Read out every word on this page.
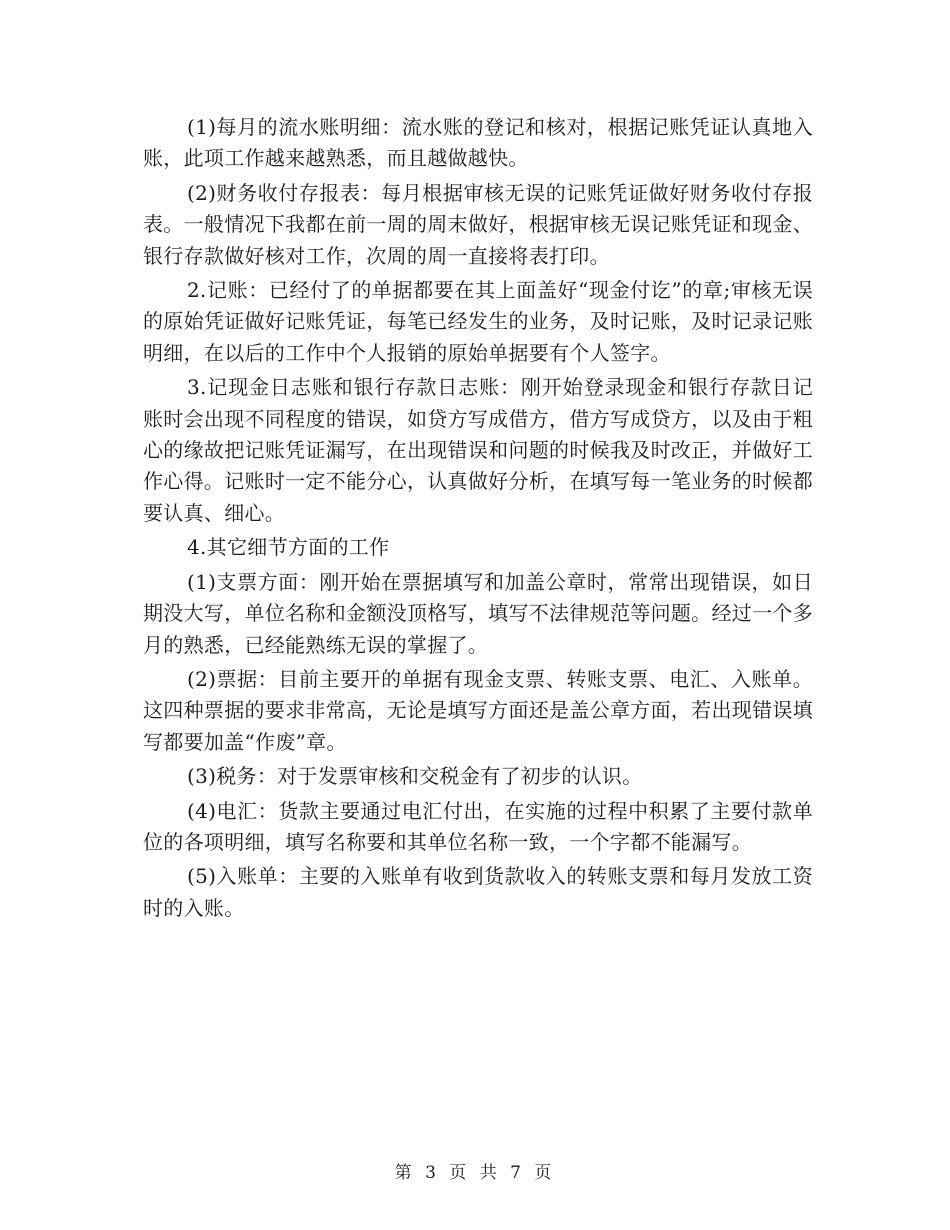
(1)每月的流水账明细：流水账的登记和核对，根据记账凭证认真地入账，此项工作越来越熟悉，而且越做越快。

(2)财务收付存报表：每月根据审核无误的记账凭证做好财务收付存报表。一般情况下我都在前一周的周末做好，根据审核无误记账凭证和现金、银行存款做好核对工作，次周的周一直接将表打印。

2.记账：已经付了的单据都要在其上面盖好“现金付讫”的章;审核无误的原始凭证做好记账凭证，每笔已经发生的业务，及时记账，及时记录记账明细，在以后的工作中个人报销的原始单据要有个人签字。

3.记现金日志账和银行存款日志账：刚开始登录现金和银行存款日记账时会出现不同程度的错误，如贷方写成借方，借方写成贷方，以及由于粗心的缘故把记账凭证漏写，在出现错误和问题的时候我及时改正，并做好工作心得。记账时一定不能分心，认真做好分析，在填写每一笔业务的时候都要认真、细心。

4.其它细节方面的工作

(1)支票方面：刚开始在票据填写和加盖公章时，常常出现错误，如日期没大写，单位名称和金额没顶格写，填写不法律规范等问题。经过一个多月的熟悉，已经能熟练无误的掌握了。

(2)票据：目前主要开的单据有现金支票、转账支票、电汇、入账单。这四种票据的要求非常高，无论是填写方面还是盖公章方面，若出现错误填写都要加盖“作废”章。

(3)税务：对于发票审核和交税金有了初步的认识。

(4)电汇：货款主要通过电汇付出，在实施的过程中积累了主要付款单位的各项明细，填写名称要和其单位名称一致，一个字都不能漏写。

(5)入账单：主要的入账单有收到货款收入的转账支票和每月发放工资时的入账。

第 3 页 共 7 页
